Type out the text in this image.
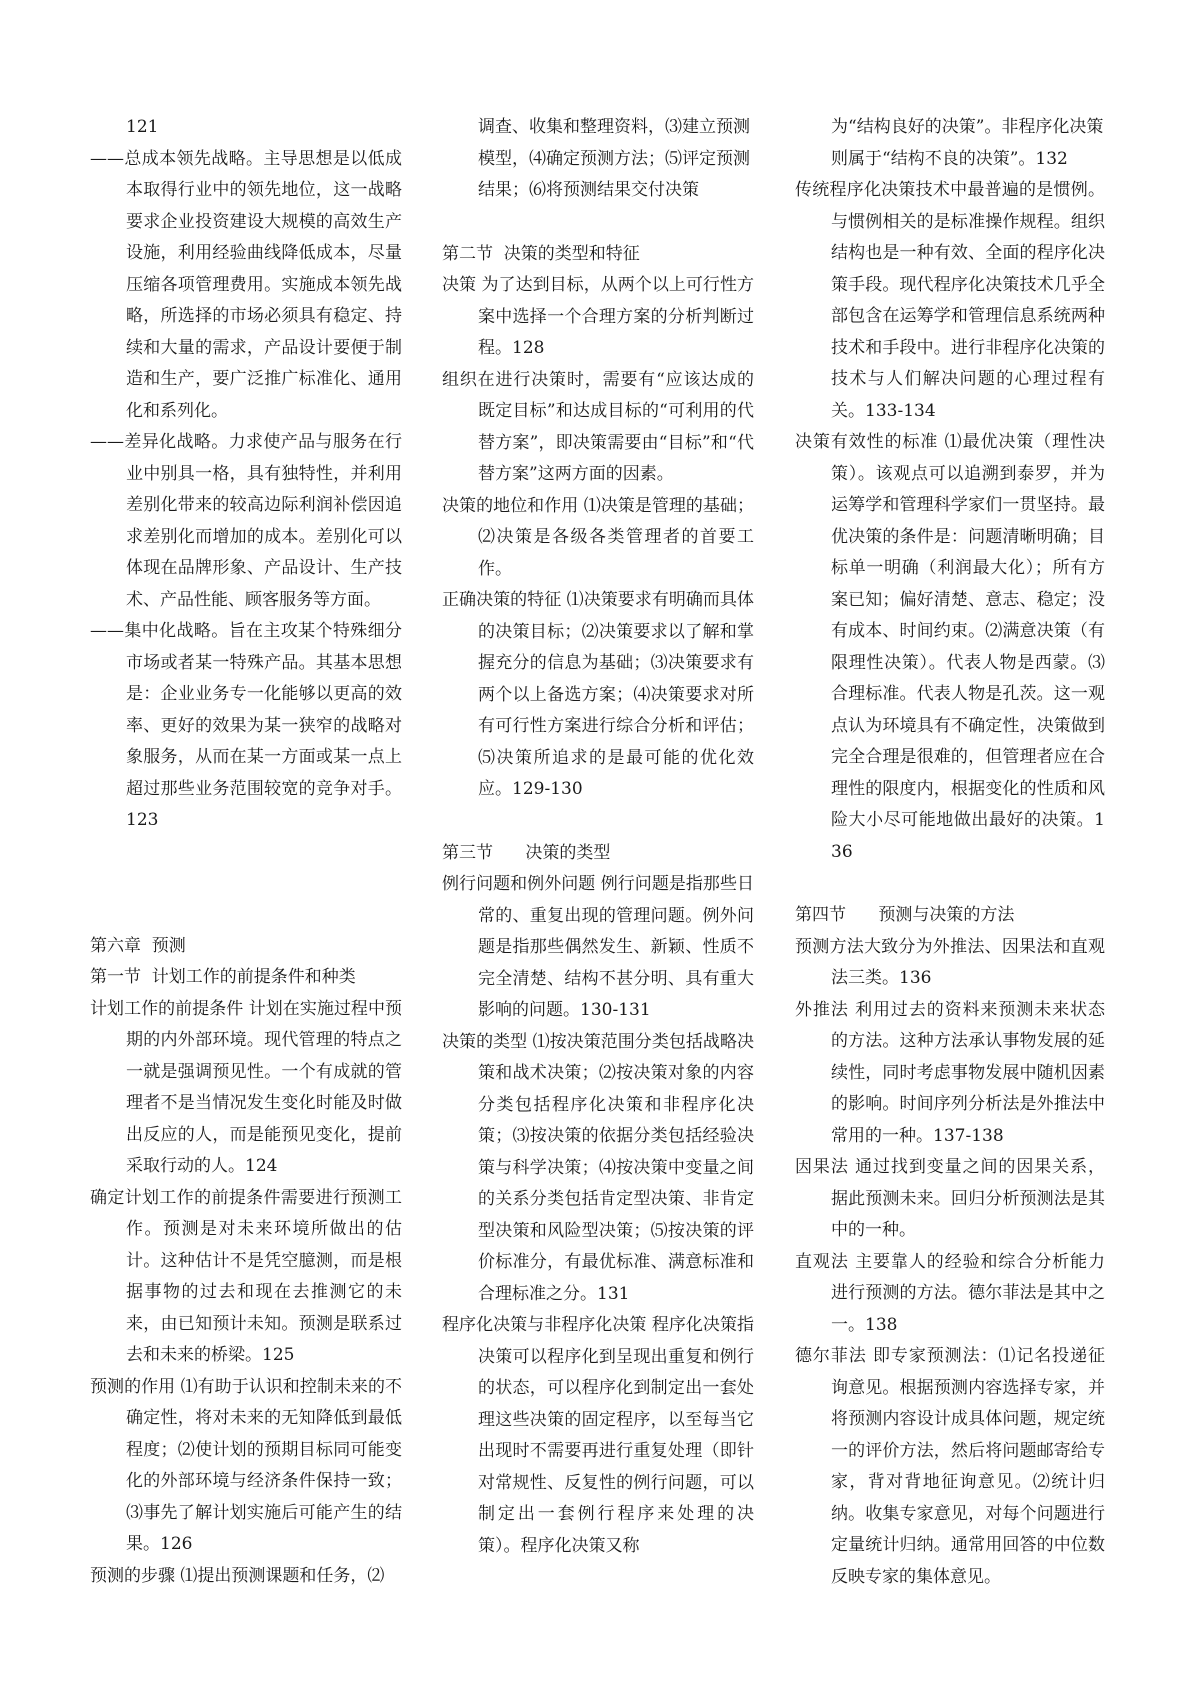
121

——总成本领先战略。主导思想是以低成本取得行业中的领先地位，这一战略要求企业投资建设大规模的高效生产设施，利用经验曲线降低成本，尽量压缩各项管理费用。实施成本领先战略，所选择的市场必须具有稳定、持续和大量的需求，产品设计要便于制造和生产，要广泛推广标准化、通用化和系列化。

——差异化战略。力求使产品与服务在行业中别具一格，具有独特性，并利用差别化带来的较高边际利润补偿因追求差别化而增加的成本。差别化可以体现在品牌形象、产品设计、生产技术、产品性能、顾客服务等方面。

——集中化战略。旨在主攻某个特殊细分市场或者某一特殊产品。其基本思想是：企业业务专一化能够以更高的效率、更好的效果为某一狭窄的战略对象服务，从而在某一方面或某一点上超过那些业务范围较宽的竞争对手。123

第六章  预测

第一节  计划工作的前提条件和种类

计划工作的前提条件 计划在实施过程中预期的内外部环境。现代管理的特点之一就是强调预见性。一个有成就的管理者不是当情况发生变化时能及时做出反应的人，而是能预见变化，提前采取行动的人。124

确定计划工作的前提条件需要进行预测工作。预测是对未来环境所做出的估计。这种估计不是凭空臆测，而是根据事物的过去和现在去推测它的未来，由已知预计未知。预测是联系过去和未来的桥梁。125

预测的作用 ⑴有助于认识和控制未来的不确定性，将对未来的无知降低到最低程度；⑵使计划的预期目标同可能变化的外部环境与经济条件保持一致；⑶事先了解计划实施后可能产生的结果。126

预测的步骤 ⑴提出预测课题和任务，⑵

调查、收集和整理资料，⑶建立预测模型，⑷确定预测方法；⑸评定预测结果；⑹将预测结果交付决策

第二节  决策的类型和特征

决策 为了达到目标，从两个以上可行性方案中选择一个合理方案的分析判断过程。128

组织在进行决策时，需要有“应该达成的既定目标”和达成目标的“可利用的代替方案”，即决策需要由“目标”和“代替方案”这两方面的因素。

决策的地位和作用 ⑴决策是管理的基础；⑵决策是各级各类管理者的首要工作。

正确决策的特征 ⑴决策要求有明确而具体的决策目标；⑵决策要求以了解和掌握充分的信息为基础；⑶决策要求有两个以上备选方案；⑷决策要求对所有可行性方案进行综合分析和评估；⑸决策所追求的是最可能的优化效应。129-130

第三节      决策的类型

例行问题和例外问题 例行问题是指那些日常的、重复出现的管理问题。例外问题是指那些偶然发生、新颖、性质不完全清楚、结构不甚分明、具有重大影响的问题。130-131

决策的类型 ⑴按决策范围分类包括战略决策和战术决策；⑵按决策对象的内容分类包括程序化决策和非程序化决策；⑶按决策的依据分类包括经验决策与科学决策；⑷按决策中变量之间的关系分类包括肯定型决策、非肯定型决策和风险型决策；⑸按决策的评价标准分，有最优标准、满意标准和合理标准之分。131

程序化决策与非程序化决策 程序化决策指决策可以程序化到呈现出重复和例行的状态，可以程序化到制定出一套处理这些决策的固定程序，以至每当它出现时不需要再进行重复处理（即针对常规性、反复性的例行问题，可以制定出一套例行程序来处理的决策）。程序化决策又称

为“结构良好的决策”。非程序化决策则属于“结构不良的决策”。132

传统程序化决策技术中最普遍的是惯例。与惯例相关的是标准操作规程。组织结构也是一种有效、全面的程序化决策手段。现代程序化决策技术几乎全部包含在运筹学和管理信息系统两种技术和手段中。进行非程序化决策的技术与人们解决问题的心理过程有关。133-134

决策有效性的标准 ⑴最优决策（理性决策）。该观点可以追溯到泰罗，并为运筹学和管理科学家们一贯坚持。最优决策的条件是：问题清晰明确；目标单一明确（利润最大化）；所有方案已知；偏好清楚、意志、稳定；没有成本、时间约束。⑵满意决策（有限理性决策）。代表人物是西蒙。⑶合理标准。代表人物是孔茨。这一观点认为环境具有不确定性，决策做到完全合理是很难的，但管理者应在合理性的限度内，根据变化的性质和风险大小尽可能地做出最好的决策。136

第四节      预测与决策的方法

预测方法大致分为外推法、因果法和直观法三类。136

外推法 利用过去的资料来预测未来状态的方法。这种方法承认事物发展的延续性，同时考虑事物发展中随机因素的影响。时间序列分析法是外推法中常用的一种。137-138

因果法 通过找到变量之间的因果关系，据此预测未来。回归分析预测法是其中的一种。

直观法 主要靠人的经验和综合分析能力进行预测的方法。德尔菲法是其中之一。138

德尔菲法 即专家预测法：⑴记名投递征询意见。根据预测内容选择专家，并将预测内容设计成具体问题，规定统一的评价方法，然后将问题邮寄给专家，背对背地征询意见。⑵统计归纳。收集专家意见，对每个问题进行定量统计归纳。通常用回答的中位数反映专家的集体意见。
